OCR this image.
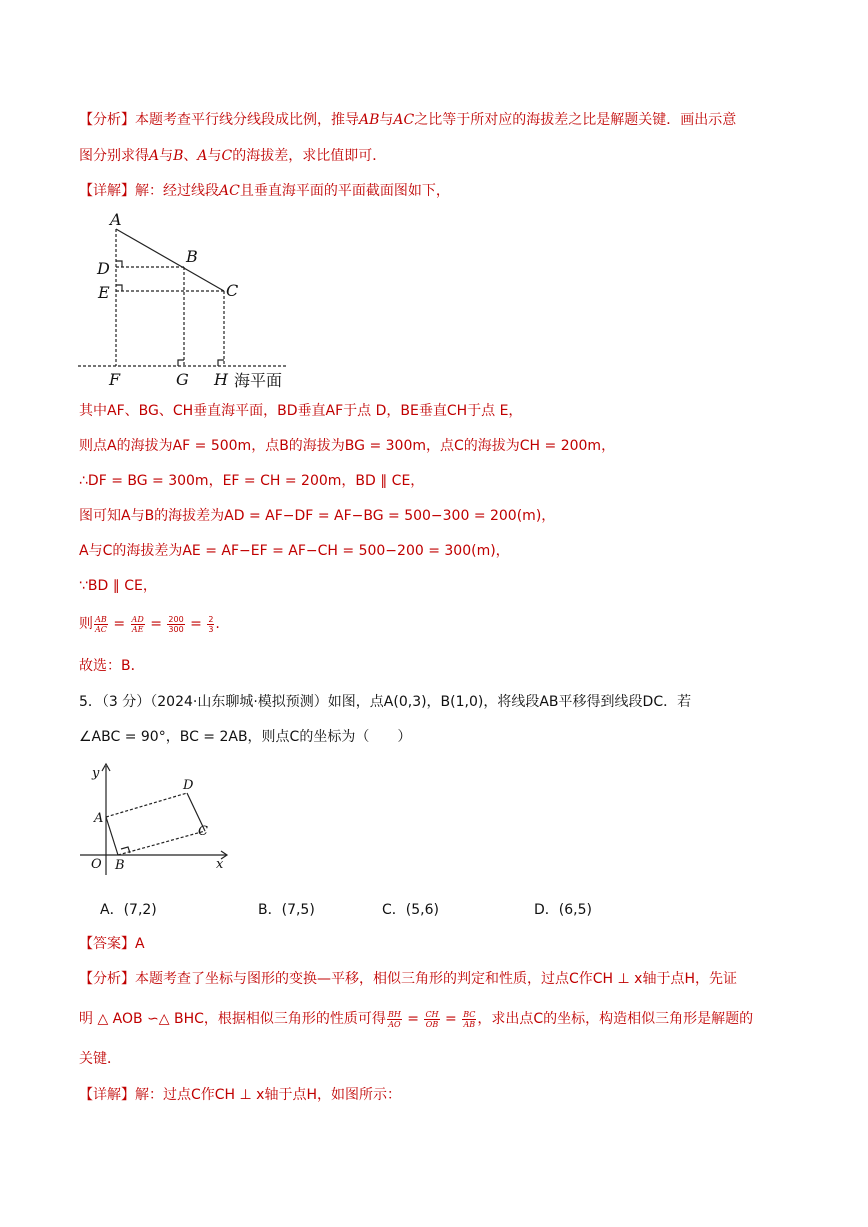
【分析】本题考查平行线分线段成比例，推导AB与AC之比等于所对应的海拔差之比是解题关键．画出示意
图分别求得A与B、A与C的海拔差，求比值即可．
【详解】解：经过线段AC且垂直海平面的平面截面图如下，
A
B
C
D
E
F	G H 海平面
其中AF、BG、CH垂直海平面，BD垂直AF于点 D，BE垂直CH于点 E，
则点A的海拔为AF = 500m，点B的海拔为BG = 300m，点C的海拔为CH = 200m，
∴DF = BG = 300m，EF = CH = 200m，BD ∥ CE，
图可知A与B的海拔差为AD = AF−DF = AF−BG = 500−300 = 200(m)，
A与C的海拔差为AE = AF−EF = AF−CH = 500−200 = 300(m)，
∵BD ∥ CE，
则 $\frac{AB}{AC} = \frac{AD}{AE} = \frac{200}{300} = \frac{2}{3}$ .
故选：B．
5．（3 分）（2024·山东聊城·模拟预测）如图，点A(0,3)，B(1,0)，将线段AB平移得到线段DC．若
∠ABC = 90°，BC = 2AB，则点C的坐标为（　　）
y
x
O
A
B
C
D
A．(7,2)	B．(7,5)	C．(5,6)	D．(6,5)
【答案】A
【分析】本题考查了坐标与图形的变换—平移，相似三角形的判定和性质，过点C作CH ⊥ x轴于点H，先证
明 △ AOB ∽△ BHC，根据相似三角形的性质可得 $\frac{BH}{AO} = \frac{CH}{OB} = \frac{BC}{AB}$ ，求出点C的坐标，构造相似三角形是解题的
关键．
【详解】解：过点C作CH ⊥ x轴于点H，如图所示：
